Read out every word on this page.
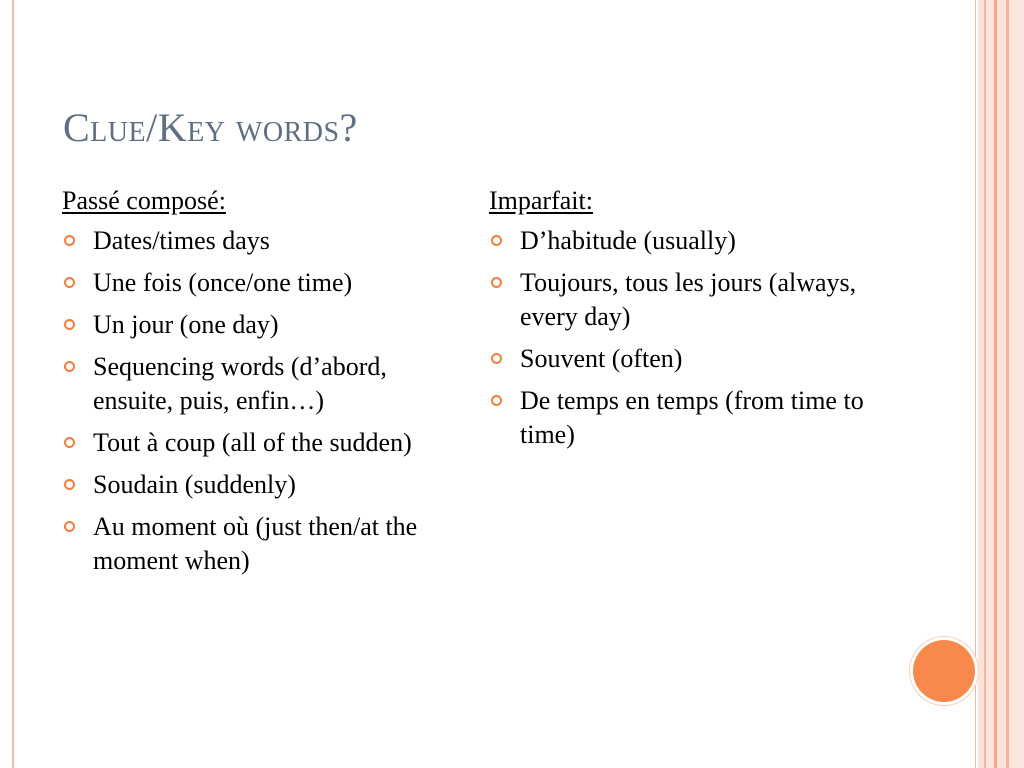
Clue/Key words?
Passé composé:
Dates/times days
Une fois (once/one time)
Un jour (one day)
Sequencing words (d’abord, ensuite, puis, enfin…)
Tout à coup (all of the sudden)
Soudain (suddenly)
Au moment où (just then/at the moment when)
Imparfait:
D’habitude (usually)
Toujours, tous les jours (always, every day)
Souvent (often)
De temps en temps (from time to time)
